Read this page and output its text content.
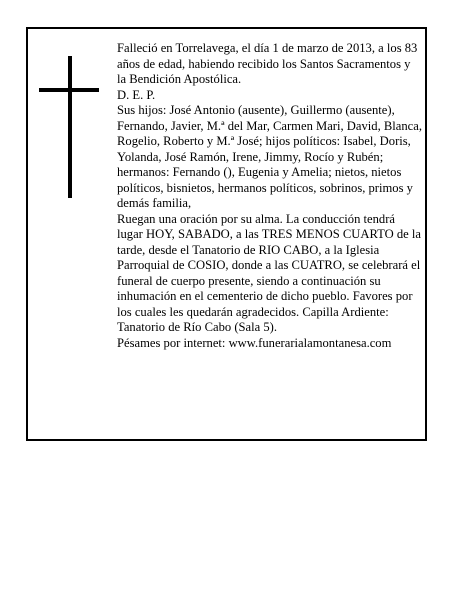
Falleció en Torrelavega, el día 1 de marzo de 2013, a los 83 años de edad, habiendo recibido los Santos Sacramentos y la Bendición Apostólica.

D. E. P.

Sus hijos: José Antonio (ausente), Guillermo (ausente), Fernando, Javier, M.ª del Mar, Carmen Mari, David, Blanca, Rogelio, Roberto y M.ª José; hijos políticos: Isabel, Doris, Yolanda, José Ramón, Irene, Jimmy, Rocío y Rubén; hermanos: Fernando (), Eugenia y Amelia; nietos, nietos políticos, bisnietos, hermanos políticos, sobrinos, primos y demás familia,

Ruegan una oración por su alma. La conducción tendrá lugar HOY, SABADO, a las TRES MENOS CUARTO de la tarde, desde el Tanatorio de RIO CABO, a la Iglesia Parroquial de COSIO, donde a las CUATRO, se celebrará el funeral de cuerpo presente, siendo a continuación su inhumación en el cementerio de dicho pueblo. Favores por los cuales les quedarán agradecidos. Capilla Ardiente: Tanatorio de Río Cabo (Sala 5).

Pésames por internet: www.funerarialamontanesa.com
